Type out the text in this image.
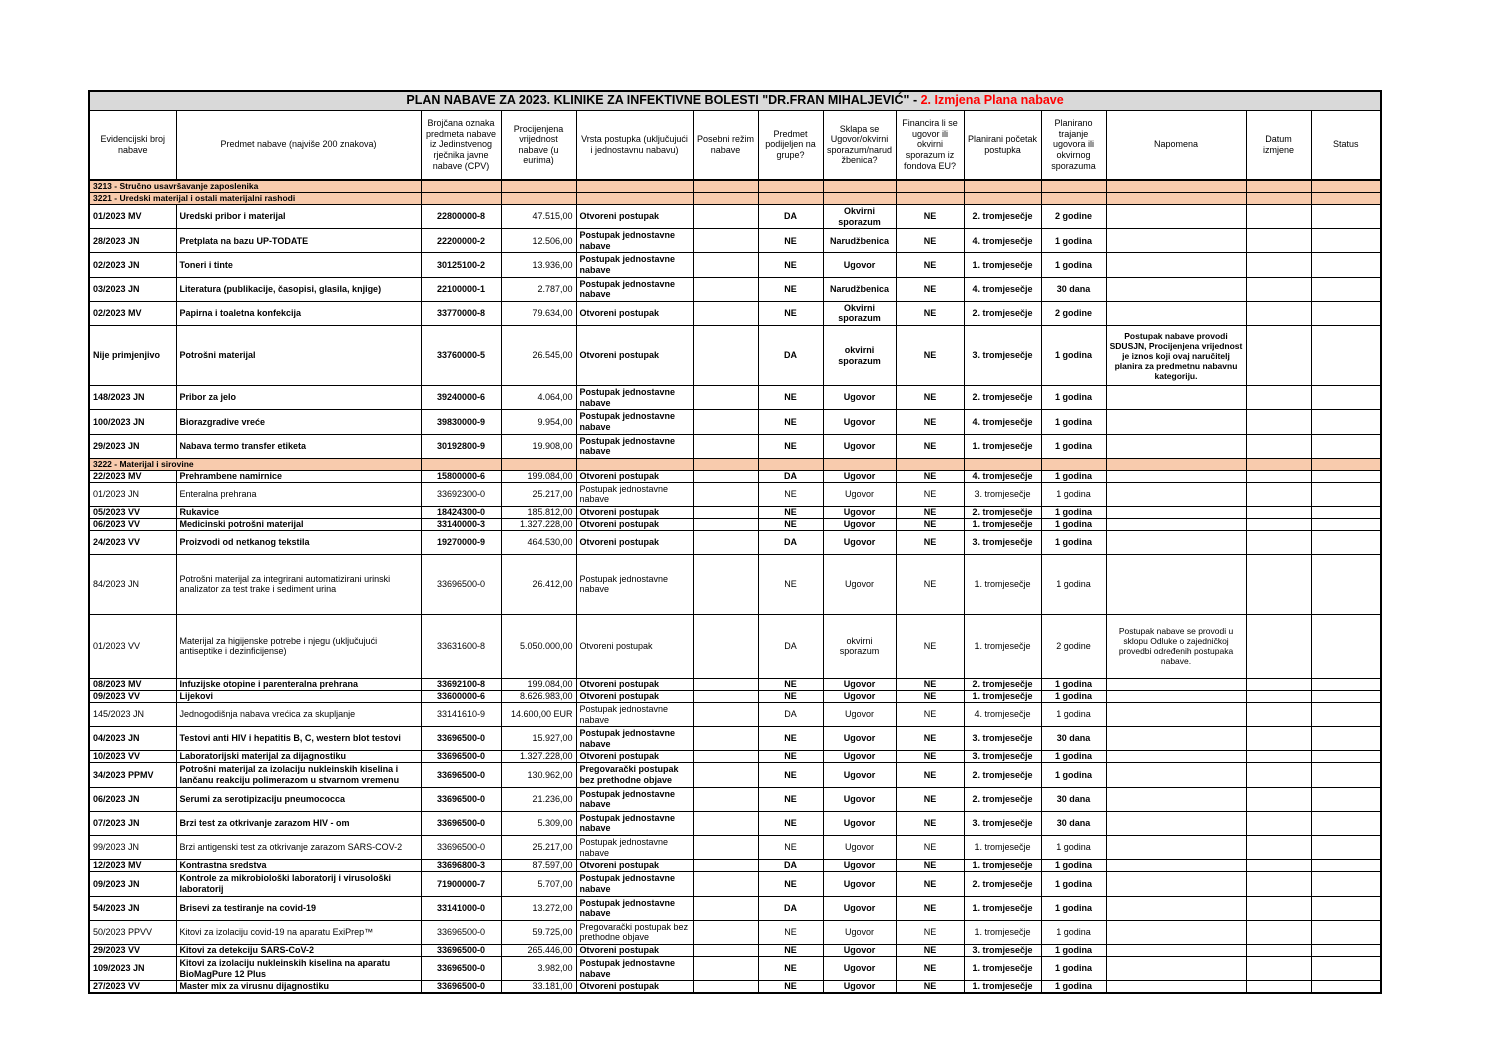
PLAN NABAVE ZA 2023. KLINIKE ZA INFEKTIVNE BOLESTI "DR.FRAN MIHALJEVIĆ" - 2. Izmjena Plana nabave													
Evidencijski broj nabave	Predmet nabave (najviše 200 znakova)	Brojčana oznaka predmeta nabave iz Jedinstvenog rječnika javne nabave (CPV)	Procijenjena vrijednost nabave (u eurima)	Vrsta postupka (uključujući i jednostavnu nabavu)	Posebni režim nabave	Predmet podijeljen na grupe?	Sklapa se Ugovor/okvirni sporazum/narudžbenica?	Financira li se ugovor ili okvirni sporazum iz fondova EU?	Planirani početak postupka	Planirano trajanje ugovora ili okvirnog sporazuma	Napomena	Datum izmjene	Status
3213 - Stručno usavršavanje zaposlenika													
3221 - Uredski materijal i ostali materijalni rashodi													
01/2023 MV	Uredski pribor i materijal	22800000-8	47.515,00	Otvoreni postupak		DA	Okvirni sporazum	NE	2. tromjesečje	2 godine			
28/2023 JN	Pretplata na bazu UP-TODATE	22200000-2	12.506,00	Postupak jednostavne nabave		NE	Narudžbenica	NE	4. tromjesečje	1 godina			
02/2023 JN	Toneri i tinte	30125100-2	13.936,00	Postupak jednostavne nabave		NE	Ugovor	NE	1. tromjesečje	1 godina			
03/2023 JN	Literatura (publikacije, časopisi, glasila, knjige)	22100000-1	2.787,00	Postupak jednostavne nabave		NE	Narudžbenica	NE	4. tromjesečje	30 dana			
02/2023 MV	Papirna i toaletna konfekcija	33770000-8	79.634,00	Otvoreni postupak		NE	Okvirni sporazum	NE	2. tromjesečje	2 godine			
Nije primjenjivo	Potrošni materijal	33760000-5	26.545,00	Otvoreni postupak		DA	okvirni sporazum	NE	3. tromjesečje	1 godina	Postupak nabave provodi SDUSJN, Procijenjena vrijednost je iznos koji ovaj naručitelj planira za predmetnu nabavnu kategoriju.		
148/2023 JN	Pribor za jelo	39240000-6	4.064,00	Postupak jednostavne nabave		NE	Ugovor	NE	2. tromjesečje	1 godina			
100/2023 JN	Biorazgradive vreće	39830000-9	9.954,00	Postupak jednostavne nabave		NE	Ugovor	NE	4. tromjesečje	1 godina			
29/2023 JN	Nabava termo transfer etiketa	30192800-9	19.908,00	Postupak jednostavne nabave		NE	Ugovor	NE	1. tromjesečje	1 godina			
3222 - Materijal i sirovine													
22/2023 MV	Prehrambene namirnice	15800000-6	199.084,00	Otvoreni postupak		DA	Ugovor	NE	4. tromjesečje	1 godina			
01/2023 JN	Enteralna prehrana	33692300-0	25.217,00	Postupak jednostavne nabave		NE	Ugovor	NE	3. tromjesečje	1 godina			
05/2023 VV	Rukavice	18424300-0	185.812,00	Otvoreni postupak		NE	Ugovor	NE	2. tromjesečje	1 godina			
06/2023 VV	Medicinski potrošni materijal	33140000-3	1.327.228,00	Otvoreni postupak		NE	Ugovor	NE	1. tromjesečje	1 godina			
24/2023 VV	Proizvodi od netkanog tekstila	19270000-9	464.530,00	Otvoreni postupak		DA	Ugovor	NE	3. tromjesečje	1 godina			
84/2023 JN	Potrošni materijal za integrirani automatizirani urinski analizator za test trake i sediment urina	33696500-0	26.412,00	Postupak jednostavne nabave		NE	Ugovor	NE	1. tromjesečje	1 godina			
01/2023 VV	Materijal za higijenske potrebe i njegu (uključujući antiseptike i dezinficijense)	33631600-8	5.050.000,00	Otvoreni postupak		DA	okvirni sporazum	NE	1. tromjesečje	2 godine	Postupak nabave se provodi u sklopu Odluke o zajedničkoj provedbi određenih postupaka nabave.		
08/2023 MV	Infuzijske otopine i parenteralna prehrana	33692100-8	199.084,00	Otvoreni postupak		NE	Ugovor	NE	2. tromjesečje	1 godina			
09/2023 VV	Lijekovi	33600000-6	8.626.983,00	Otvoreni postupak		NE	Ugovor	NE	1. tromjesečje	1 godina			
145/2023 JN	Jednogodišnja nabava vrećica za skupljanje	33141610-9	14.600,00 EUR	Postupak jednostavne nabave		DA	Ugovor	NE	4. tromjesečje	1 godina			
04/2023 JN	Testovi anti HIV i hepatitis B, C, western blot testovi	33696500-0	15.927,00	Postupak jednostavne nabave		NE	Ugovor	NE	3. tromjesečje	30 dana			
10/2023 VV	Laboratorijski materijal za dijagnostiku	33696500-0	1.327.228,00	Otvoreni postupak		NE	Ugovor	NE	3. tromjesečje	1 godina			
34/2023 PPMV	Potrošni materijal za izolaciju nukleinskih kiselina i lančanu reakciju polimerazom u stvarnom vremenu	33696500-0	130.962,00	Pregovarački postupak bez prethodne objave		NE	Ugovor	NE	2. tromjesečje	1 godina			
06/2023 JN	Serumi za serotipizaciju pneumococca	33696500-0	21.236,00	Postupak jednostavne nabave		NE	Ugovor	NE	2. tromjesečje	30 dana			
07/2023 JN	Brzi test za otkrivanje zarazom HIV - om	33696500-0	5.309,00	Postupak jednostavne nabave		NE	Ugovor	NE	3. tromjesečje	30 dana			
99/2023 JN	Brzi antigenski test za otkrivanje zarazom SARS-COV-2	33696500-0	25.217,00	Postupak jednostavne nabave		NE	Ugovor	NE	1. tromjesečje	1 godina			
12/2023 MV	Kontrastna sredstva	33696800-3	87.597,00	Otvoreni postupak		DA	Ugovor	NE	1. tromjesečje	1 godina			
09/2023 JN	Kontrole za mikrobiološki laboratorij i virusološki laboratorij	71900000-7	5.707,00	Postupak jednostavne nabave		NE	Ugovor	NE	2. tromjesečje	1 godina			
54/2023 JN	Brisevi za testiranje na covid-19	33141000-0	13.272,00	Postupak jednostavne nabave		DA	Ugovor	NE	1. tromjesečje	1 godina			
50/2023 PPVV	Kitovi za izolaciju covid-19 na aparatu ExiPrep™	33696500-0	59.725,00	Pregovarački postupak bez prethodne objave		NE	Ugovor	NE	1. tromjesečje	1 godina			
29/2023 VV	Kitovi za detekciju SARS-CoV-2	33696500-0	265.446,00	Otvoreni postupak		NE	Ugovor	NE	3. tromjesečje	1 godina			
109/2023 JN	Kitovi za izolaciju nukleinskih kiselina na aparatu BioMagPure 12 Plus	33696500-0	3.982,00	Postupak jednostavne nabave		NE	Ugovor	NE	1. tromjesečje	1 godina			
27/2023 VV	Master mix za virusnu dijagnostiku	33696500-0	33.181,00	Otvoreni postupak		NE	Ugovor	NE	1. tromjesečje	1 godina			
